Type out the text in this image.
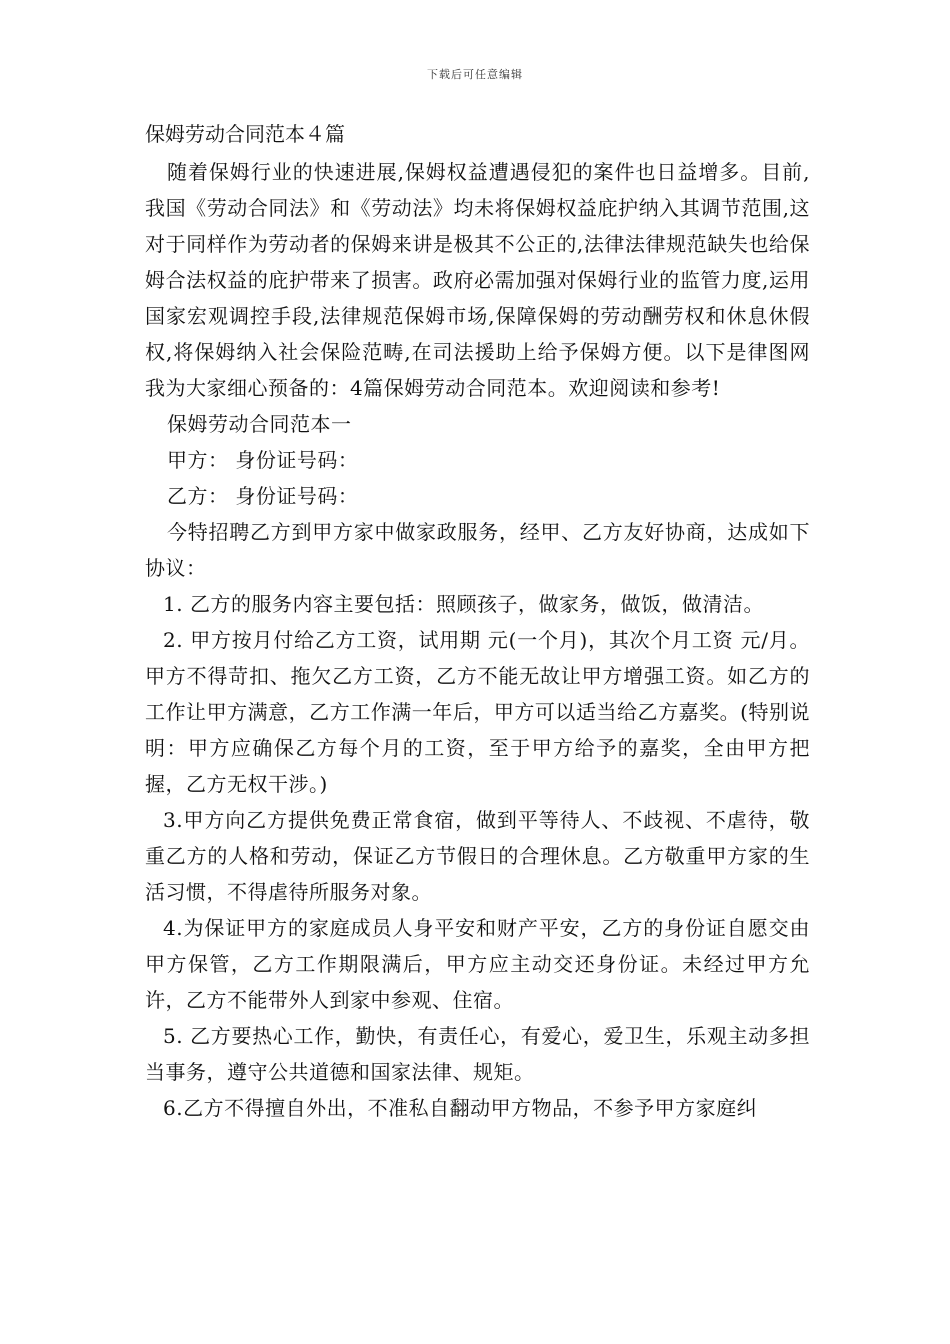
下载后可任意编辑
保姆劳动合同范本４篇

随着保姆行业的快速进展,保姆权益遭遇侵犯的案件也日益增多。目前,我国《劳动合同法》和《劳动法》均未将保姆权益庇护纳入其调节范围,这对于同样作为劳动者的保姆来讲是极其不公正的,法律法律规范缺失也给保姆合法权益的庇护带来了损害。政府必需加强对保姆行业的监管力度,运用国家宏观调控手段,法律规范保姆市场,保障保姆的劳动酬劳权和休息休假权,将保姆纳入社会保险范畴,在司法援助上给予保姆方便。以下是律图网我为大家细心预备的：4篇保姆劳动合同范本。欢迎阅读和参考!

保姆劳动合同范本一

甲方： 身份证号码：

乙方： 身份证号码：

今特招聘乙方到甲方家中做家政服务，经甲、乙方友好协商，达成如下协议：

1. 乙方的服务内容主要包括：照顾孩子，做家务，做饭，做清洁。

2. 甲方按月付给乙方工资，试用期 元(一个月)，其次个月工资 元/月。甲方不得苛扣、拖欠乙方工资，乙方不能无故让甲方增强工资。如乙方的工作让甲方满意，乙方工作满一年后，甲方可以适当给乙方嘉奖。(特别说明：甲方应确保乙方每个月的工资，至于甲方给予的嘉奖，全由甲方把握，乙方无权干涉。)

3.甲方向乙方提供免费正常食宿，做到平等待人、不歧视、不虐待，敬重乙方的人格和劳动，保证乙方节假日的合理休息。乙方敬重甲方家的生活习惯，不得虐待所服务对象。

4.为保证甲方的家庭成员人身平安和财产平安，乙方的身份证自愿交由甲方保管，乙方工作期限满后，甲方应主动交还身份证。未经过甲方允许，乙方不能带外人到家中参观、住宿。

5. 乙方要热心工作，勤快，有责任心，有爱心，爱卫生，乐观主动多担当事务，遵守公共道德和国家法律、规矩。

6.乙方不得擅自外出，不准私自翻动甲方物品，不参予甲方家庭纠
